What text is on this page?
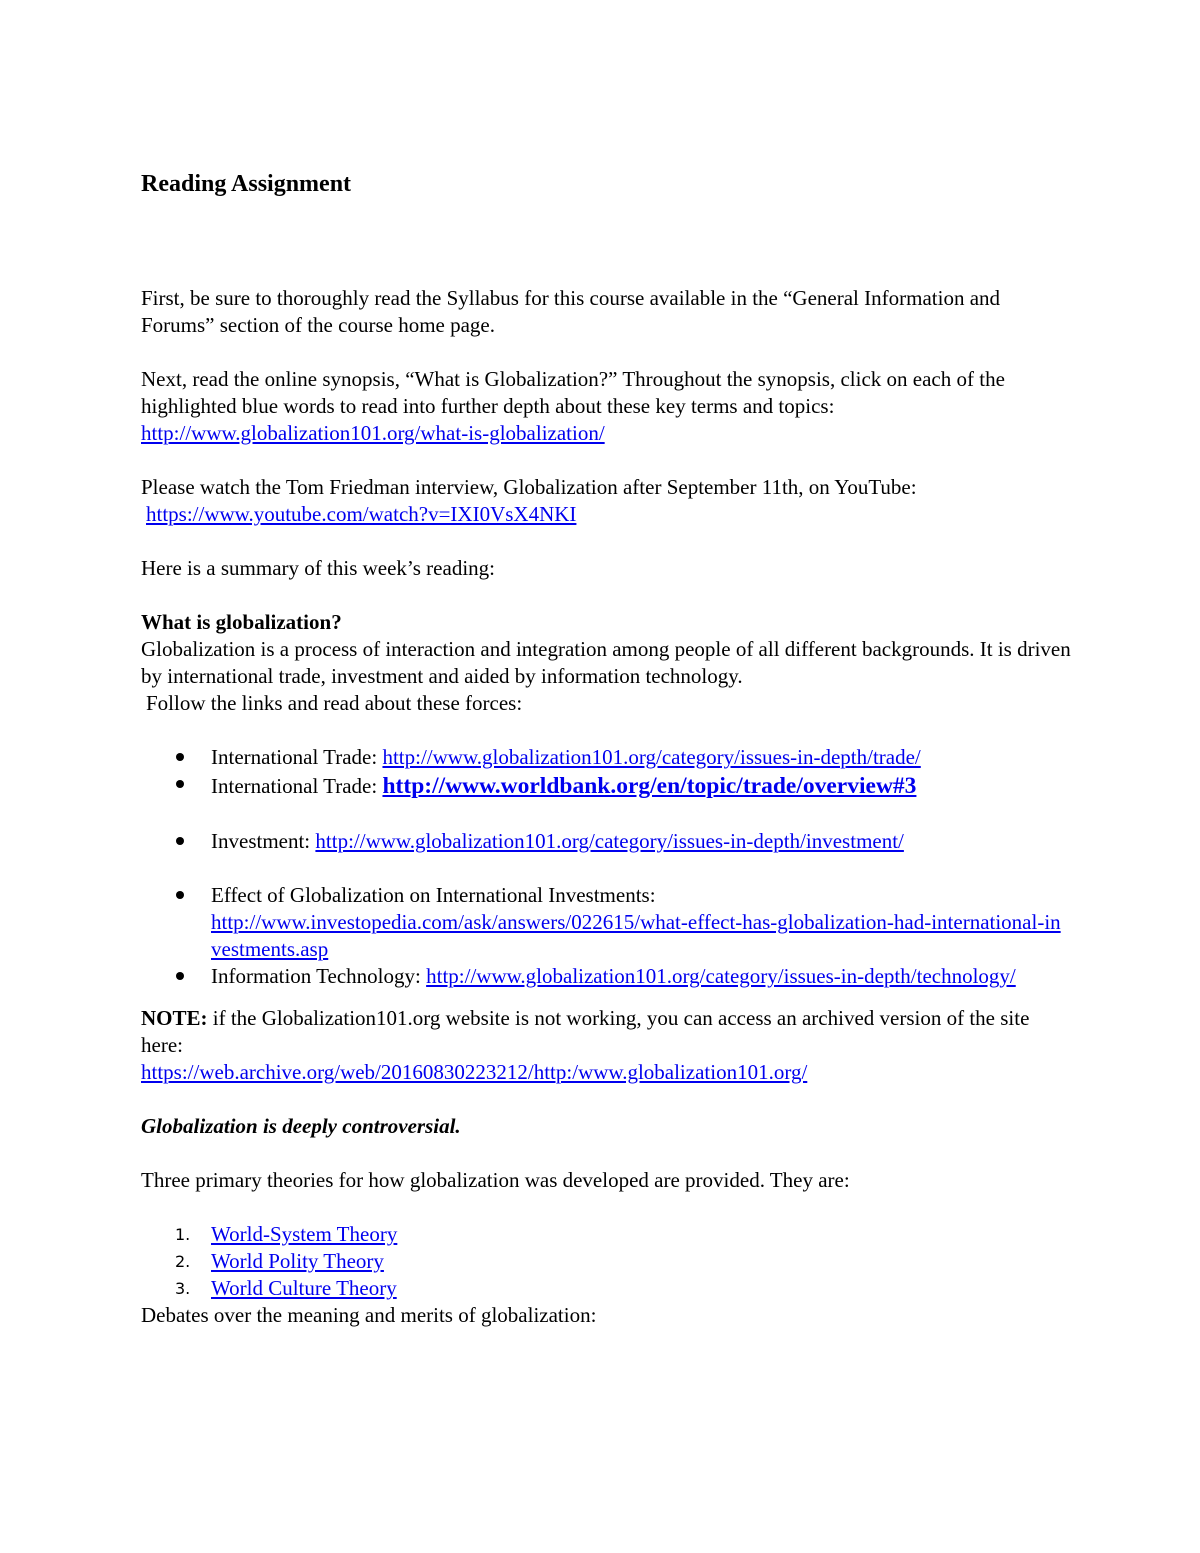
Reading Assignment

First, be sure to thoroughly read the Syllabus for this course available in the “General Information and Forums” section of the course home page.

Next, read the online synopsis, “What is Globalization?” Throughout the synopsis, click on each of the highlighted blue words to read into further depth about these key terms and topics:

http://www.globalization101.org/what-is-globalization/

Please watch the Tom Friedman interview, Globalization after September 11th, on YouTube:

https://www.youtube.com/watch?v=IXI0VsX4NKI

Here is a summary of this week’s reading:

What is globalization?

Globalization is a process of interaction and integration among people of all different backgrounds. It is driven by international trade, investment and aided by information technology.

Follow the links and read about these forces:

International Trade: http://www.globalization101.org/category/issues-in-depth/trade/
International Trade: http://www.worldbank.org/en/topic/trade/overview#3
Investment: http://www.globalization101.org/category/issues-in-depth/investment/
Effect of Globalization on International Investments:
http://www.investopedia.com/ask/answers/022615/what-effect-has-globalization-had-international-investments.asp
Information Technology: http://www.globalization101.org/category/issues-in-depth/technology/

NOTE: if the Globalization101.org website is not working, you can access an archived version of the site here:

https://web.archive.org/web/20160830223212/http:/www.globalization101.org/

Globalization is deeply controversial.

Three primary theories for how globalization was developed are provided. They are:

1. World-System Theory
2. World Polity Theory
3. World Culture Theory

Debates over the meaning and merits of globalization:
